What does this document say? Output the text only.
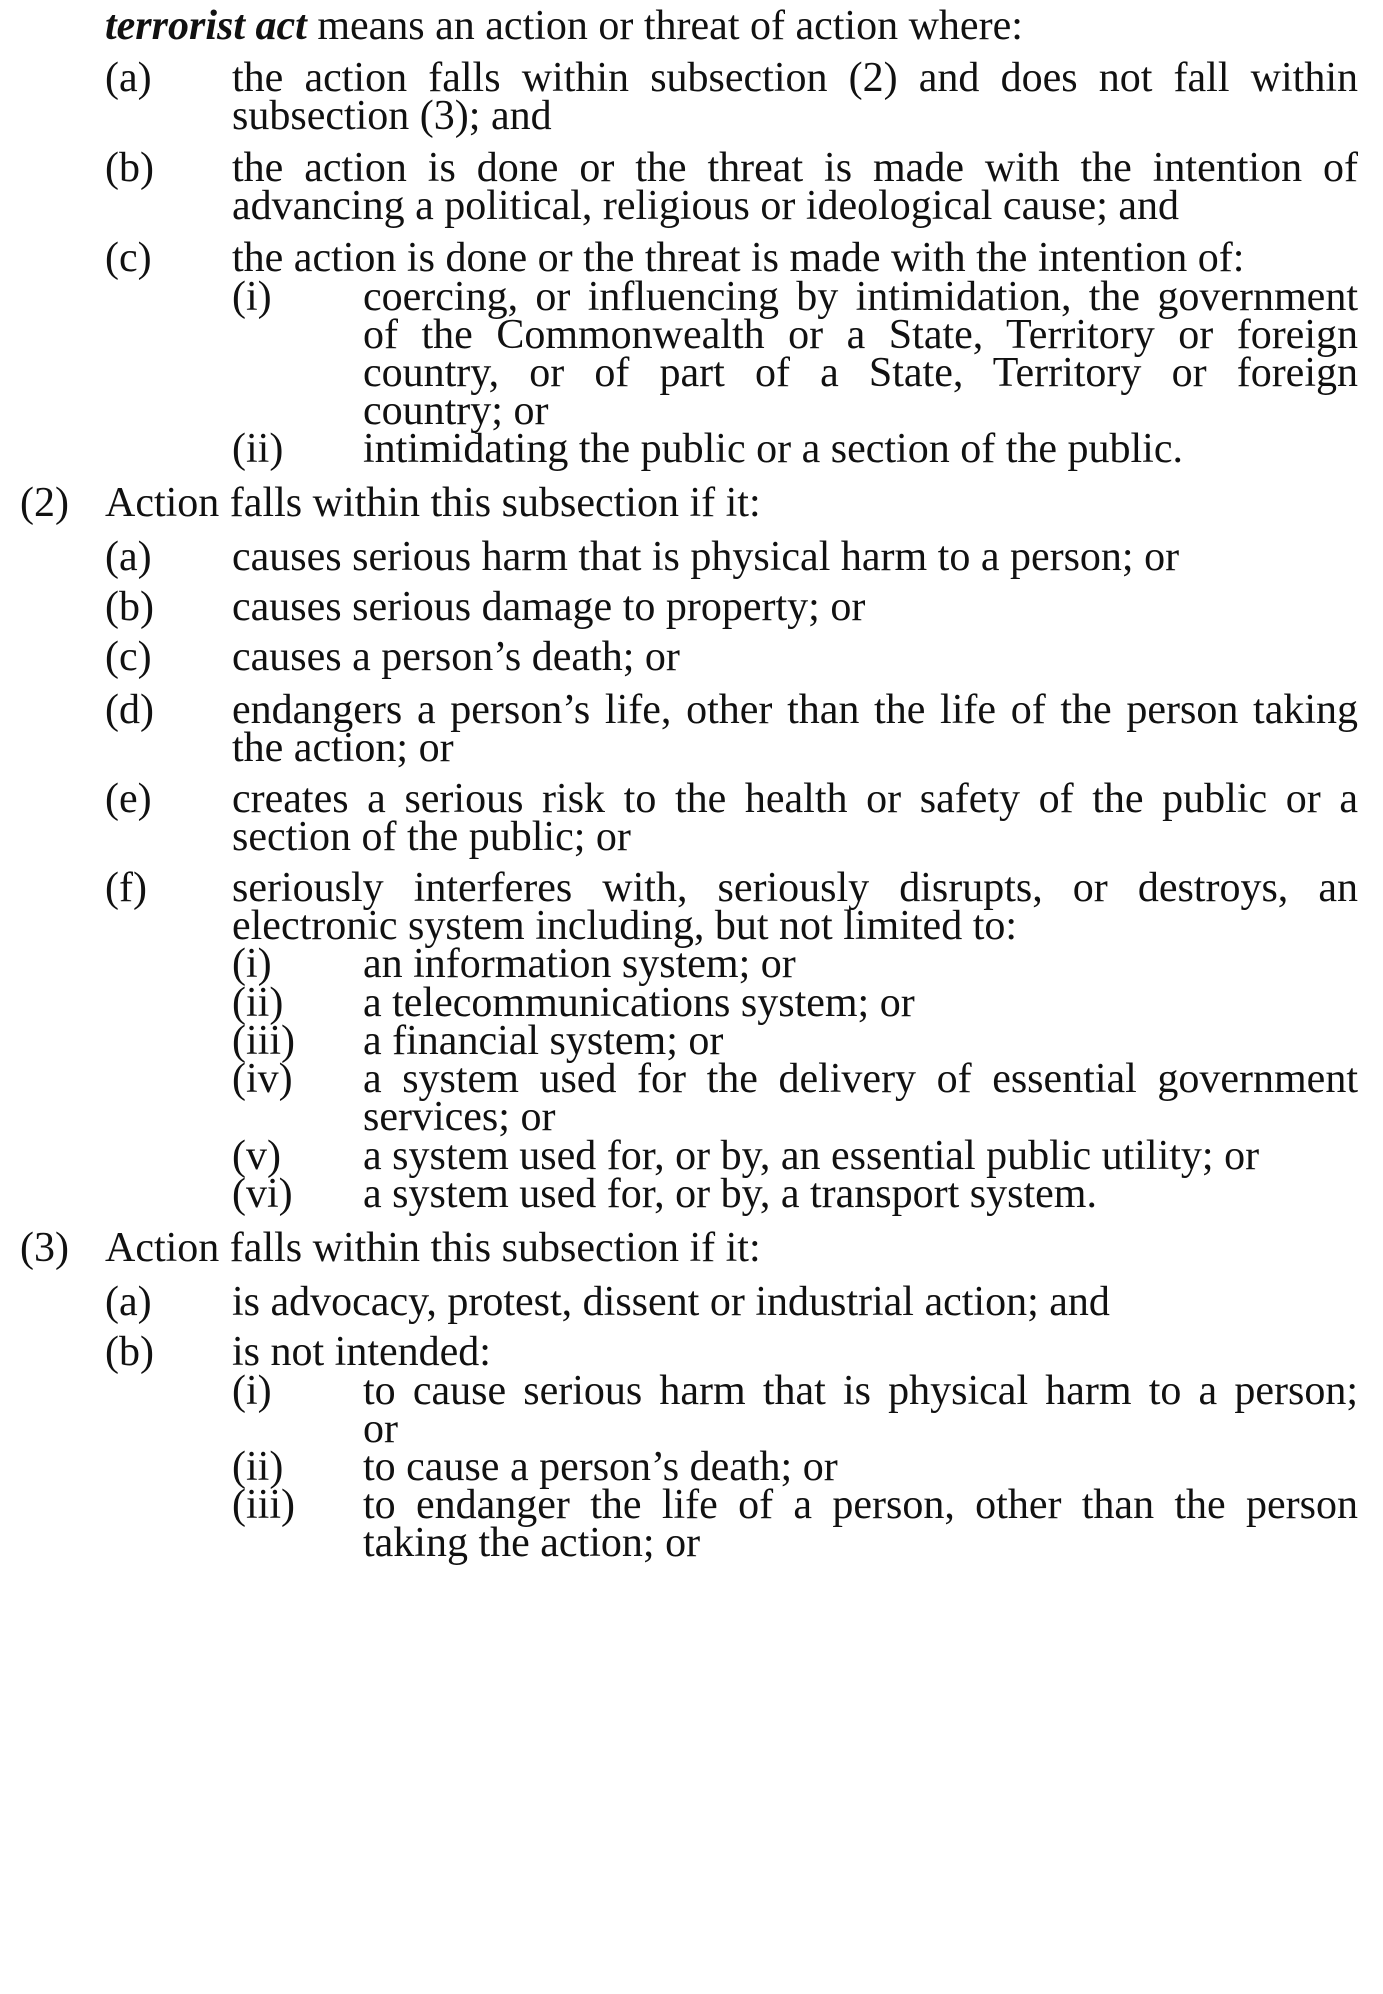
terrorist act means an action or threat of action where:
(a) the action falls within subsection (2) and does not fall within
subsection (3); and
(b) the action is done or the threat is made with the intention of
advancing a political, religious or ideological cause; and
(c) the action is done or the threat is made with the intention of:
(i) coercing, or influencing by intimidation, the government
of the Commonwealth or a State, Territory or foreign
country, or of part of a State, Territory or foreign
country; or
(ii) intimidating the public or a section of the public.
(2) Action falls within this subsection if it:
(a) causes serious harm that is physical harm to a person; or
(b) causes serious damage to property; or
(c) causes a person’s death; or
(d) endangers a person’s life, other than the life of the person taking
the action; or
(e) creates a serious risk to the health or safety of the public or a
section of the public; or
(f) seriously interferes with, seriously disrupts, or destroys, an
electronic system including, but not limited to:
(i) an information system; or
(ii) a telecommunications system; or
(iii) a financial system; or
(iv) a system used for the delivery of essential government
services; or
(v) a system used for, or by, an essential public utility; or
(vi) a system used for, or by, a transport system.
(3) Action falls within this subsection if it:
(a) is advocacy, protest, dissent or industrial action; and
(b) is not intended:
(i) to cause serious harm that is physical harm to a person;
or
(ii) to cause a person’s death; or
(iii) to endanger the life of a person, other than the person
taking the action; or
